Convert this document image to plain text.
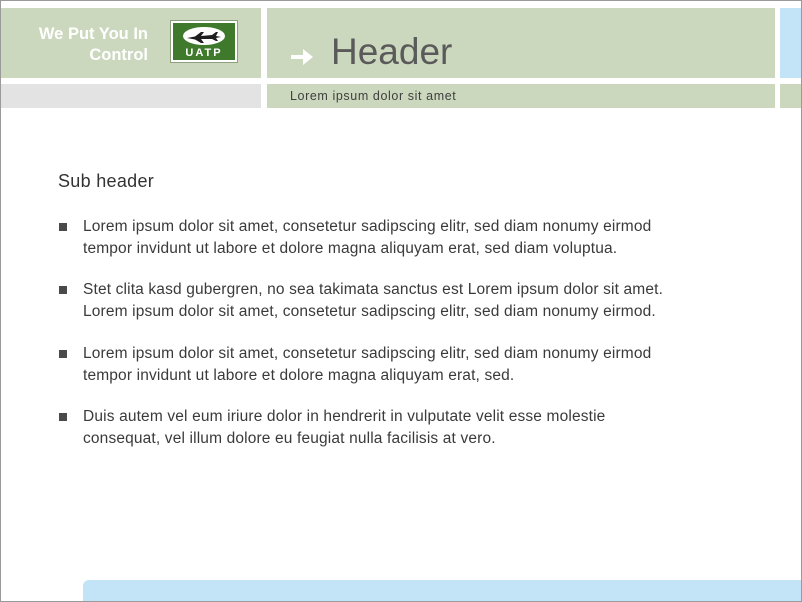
We Put You In
Control	UATP	Header
Lorem ipsum dolor sit amet
Sub header
Lorem ipsum dolor sit amet, consetetur sadipscing elitr, sed diam nonumy eirmod tempor invidunt ut labore et dolore magna aliquyam erat, sed diam voluptua.
Stet clita kasd gubergren, no sea takimata sanctus est Lorem ipsum dolor sit amet. Lorem ipsum dolor sit amet, consetetur sadipscing elitr, sed diam nonumy eirmod.
Lorem ipsum dolor sit amet, consetetur sadipscing elitr, sed diam nonumy eirmod tempor invidunt ut labore et dolore magna aliquyam erat, sed.
Duis autem vel eum iriure dolor in hendrerit in vulputate velit esse molestie consequat, vel illum dolore eu feugiat nulla facilisis at vero.
